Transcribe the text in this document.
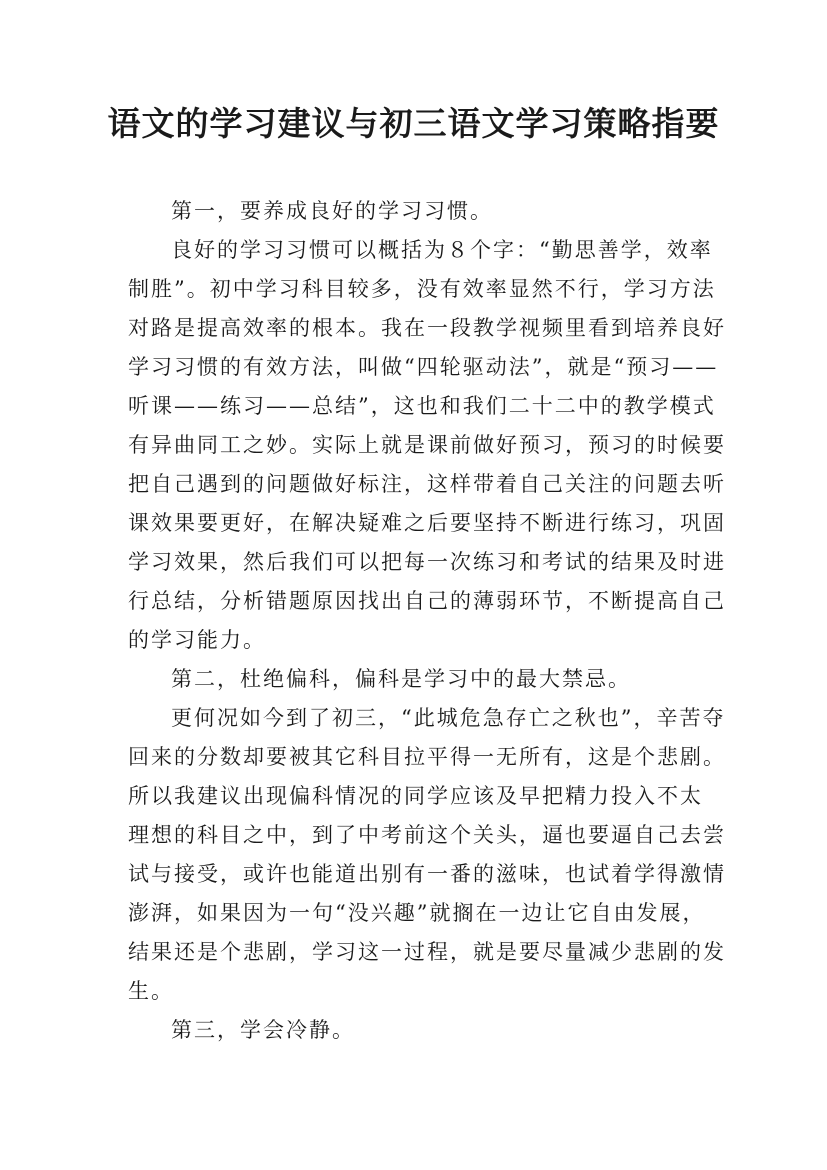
语文的学习建议与初三语文学习策略指要
第一，要养成良好的学习习惯。
良好的学习习惯可以概括为８个字：“勤思善学，效率
制胜”。初中学习科目较多，没有效率显然不行，学习方法
对路是提高效率的根本。我在一段教学视频里看到培养良好
学习习惯的有效方法，叫做“四轮驱动法”，就是“预习——
听课——练习——总结”，这也和我们二十二中的教学模式
有异曲同工之妙。实际上就是课前做好预习，预习的时候要
把自己遇到的问题做好标注，这样带着自己关注的问题去听
课效果要更好，在解决疑难之后要坚持不断进行练习，巩固
学习效果，然后我们可以把每一次练习和考试的结果及时进
行总结，分析错题原因找出自己的薄弱环节，不断提高自己
的学习能力。
第二，杜绝偏科，偏科是学习中的最大禁忌。
更何况如今到了初三，“此城危急存亡之秋也”，辛苦夺
回来的分数却要被其它科目拉平得一无所有，这是个悲剧。
所以我建议出现偏科情况的同学应该及早把精力投入不太
理想的科目之中，到了中考前这个关头，逼也要逼自己去尝
试与接受，或许也能道出别有一番的滋味，也试着学得激情
澎湃，如果因为一句“没兴趣”就搁在一边让它自由发展，
结果还是个悲剧，学习这一过程，就是要尽量减少悲剧的发
生。
第三，学会冷静。
